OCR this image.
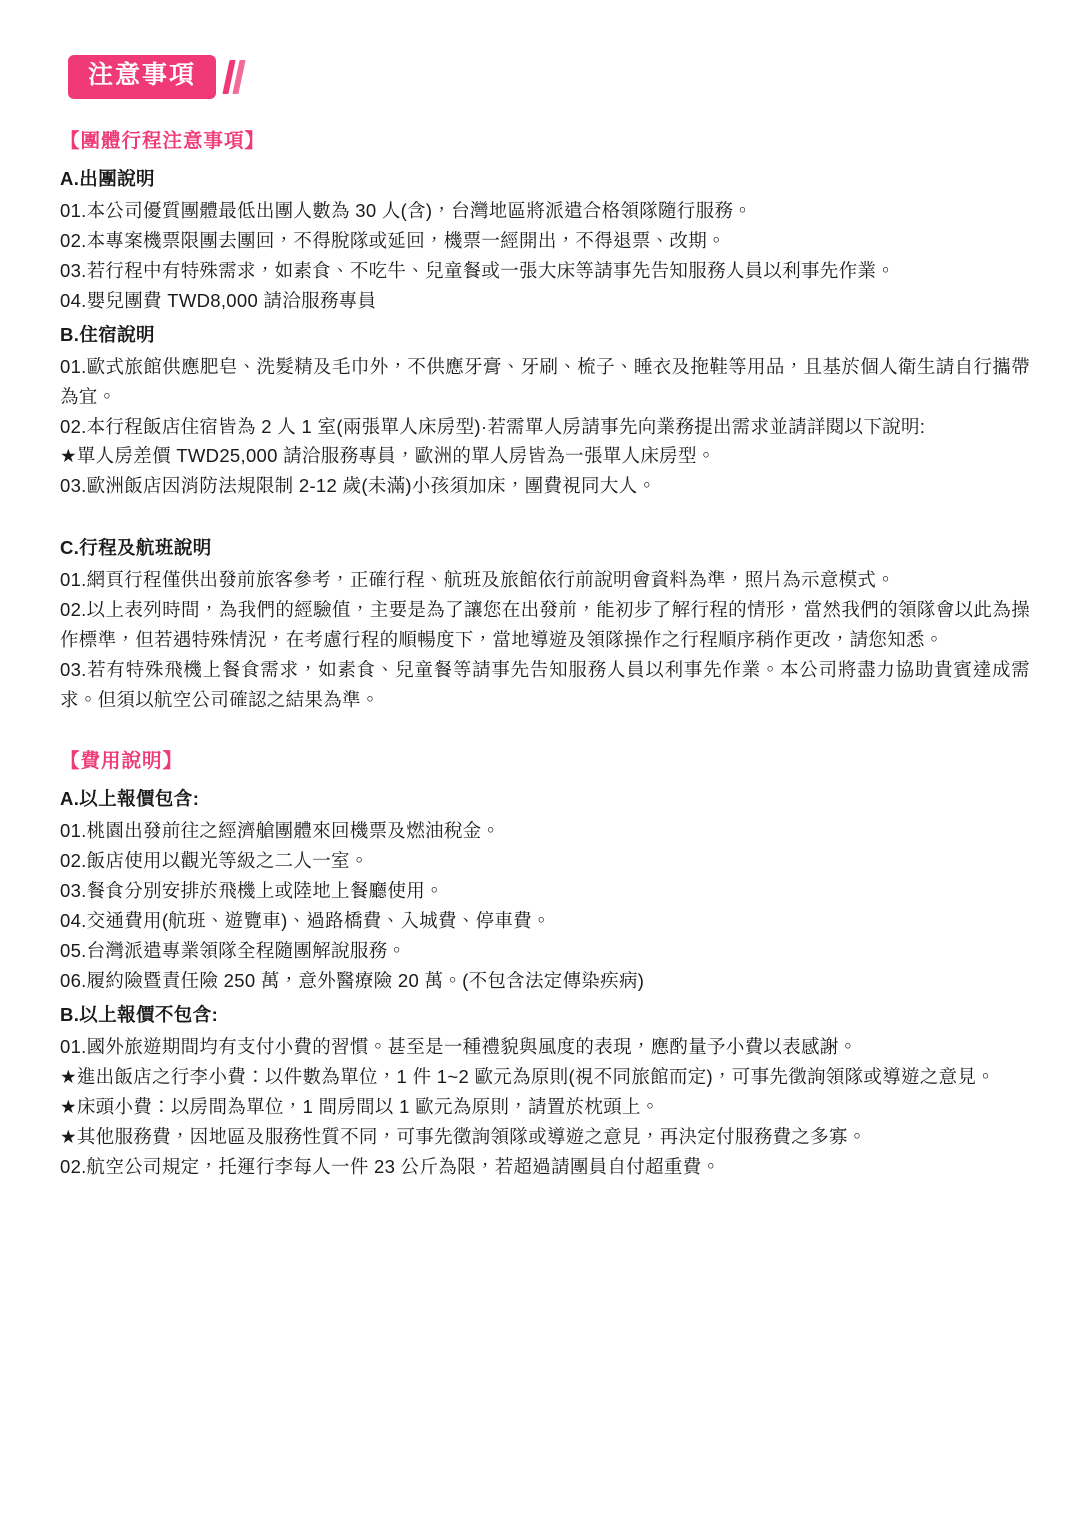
注意事項
【團體行程注意事項】
A.出團說明

01.本公司優質團體最低出團人數為 30 人(含)，台灣地區將派遣合格領隊隨行服務。

02.本專案機票限團去團回，不得脫隊或延回，機票一經開出，不得退票、改期。

03.若行程中有特殊需求，如素食、不吃牛、兒童餐或一張大床等請事先告知服務人員以利事先作業。

04.嬰兒團費 TWD8,000 請洽服務專員

B.住宿說明

01.歐式旅館供應肥皂、洗髮精及毛巾外，不供應牙膏、牙刷、梳子、睡衣及拖鞋等用品，且基於個人衛生請自行攜帶為宜。

02.本行程飯店住宿皆為 2 人 1 室(兩張單人床房型)·若需單人房請事先向業務提出需求並請詳閱以下說明:

★單人房差價 TWD25,000 請洽服務專員，歐洲的單人房皆為一張單人床房型。

03.歐洲飯店因消防法規限制 2-12 歲(未滿)小孩須加床，團費視同大人。

C.行程及航班說明

01.網頁行程僅供出發前旅客參考，正確行程、航班及旅館依行前說明會資料為準，照片為示意模式。

02.以上表列時間，為我們的經驗值，主要是為了讓您在出發前，能初步了解行程的情形，當然我們的領隊會以此為操作標準，但若遇特殊情況，在考慮行程的順暢度下，當地導遊及領隊操作之行程順序稍作更改，請您知悉。

03.若有特殊飛機上餐食需求，如素食、兒童餐等請事先告知服務人員以利事先作業。本公司將盡力協助貴賓達成需求。但須以航空公司確認之結果為準。

【費用說明】
A.以上報價包含:

01.桃園出發前往之經濟艙團體來回機票及燃油稅金。

02.飯店使用以觀光等級之二人一室。

03.餐食分別安排於飛機上或陸地上餐廳使用。

04.交通費用(航班、遊覽車)、過路橋費、入城費、停車費。

05.台灣派遣專業領隊全程隨團解說服務。

06.履約險暨責任險 250 萬，意外醫療險 20 萬。(不包含法定傳染疾病)

B.以上報價不包含:

01.國外旅遊期間均有支付小費的習慣。甚至是一種禮貌與風度的表現，應酌量予小費以表感謝。

★進出飯店之行李小費：以件數為單位，1 件 1~2 歐元為原則(視不同旅館而定)，可事先徵詢領隊或導遊之意見。

★床頭小費：以房間為單位，1 間房間以 1 歐元為原則，請置於枕頭上。

★其他服務費，因地區及服務性質不同，可事先徵詢領隊或導遊之意見，再決定付服務費之多寡。

02.航空公司規定，托運行李每人一件 23 公斤為限，若超過請團員自付超重費。
